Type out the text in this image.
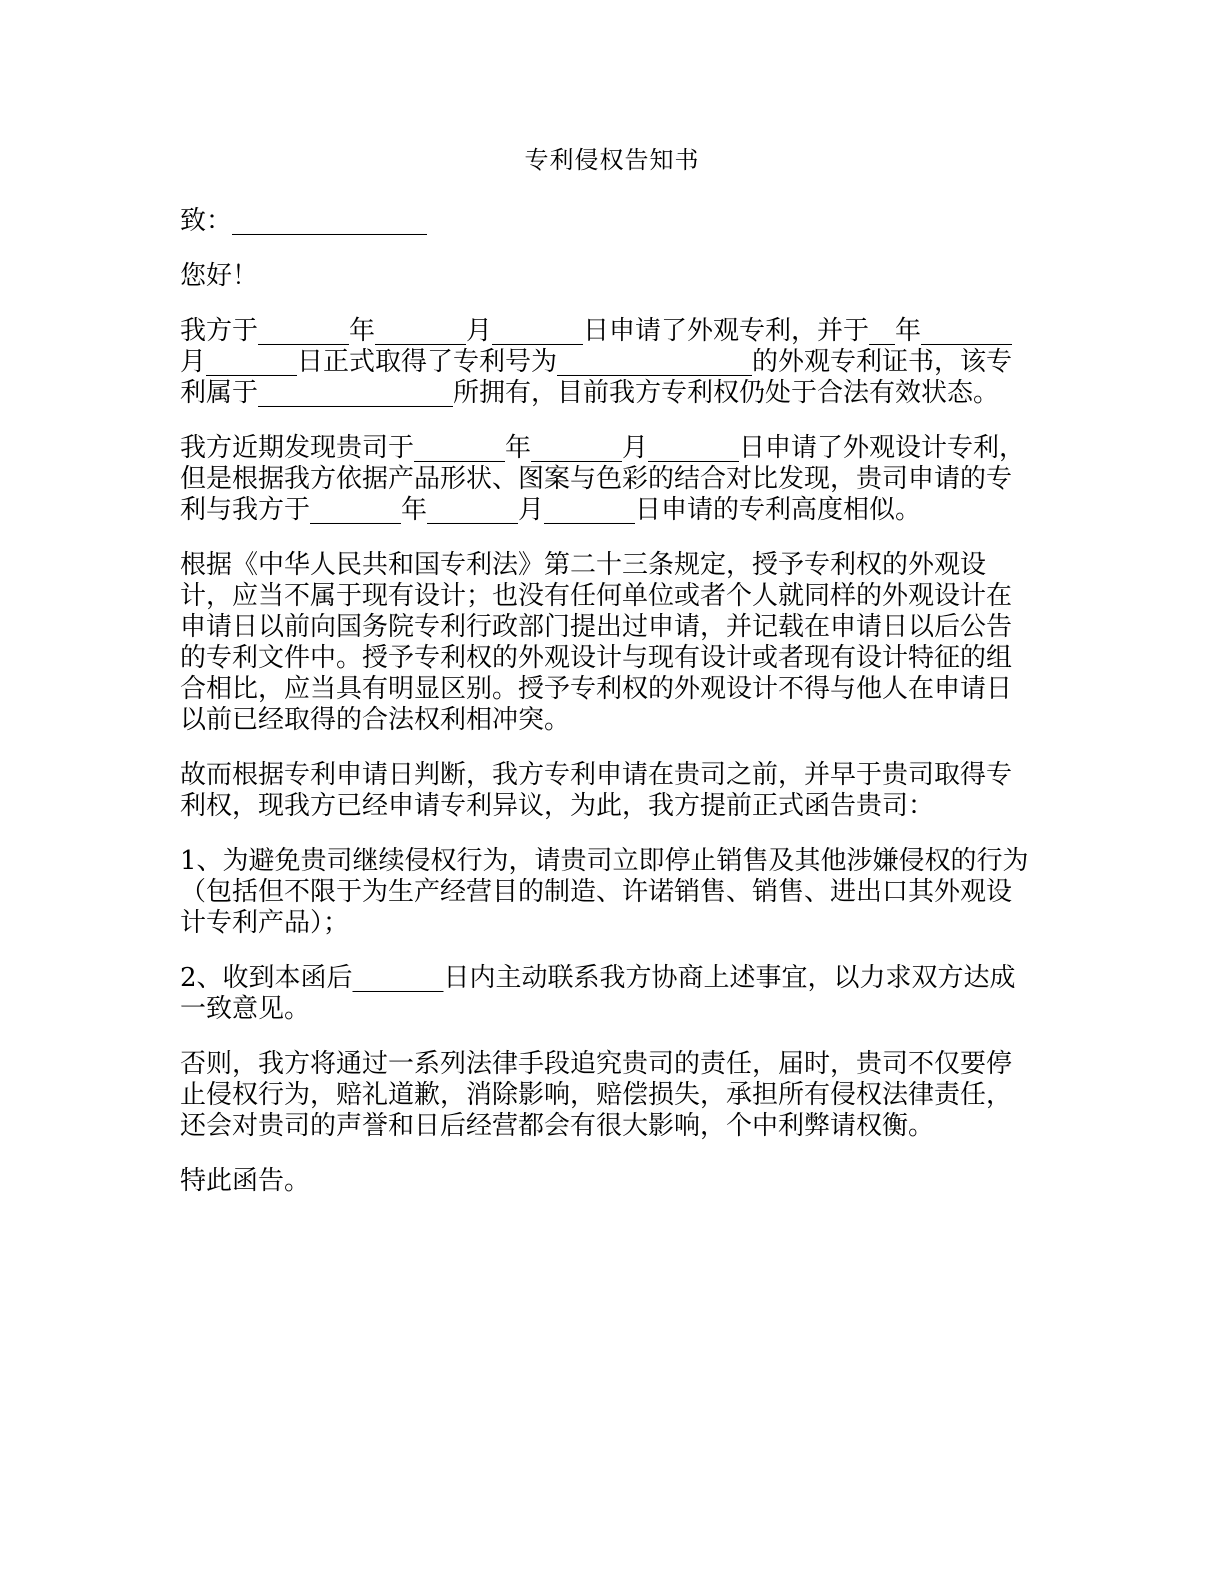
专利侵权告知书

致：_______________

您好！

我方于_______年_______月_______日申请了外观专利，并于__年_______月_______日正式取得了专利号为_______________的外观专利证书，该专利属于_______________所拥有，目前我方专利权仍处于合法有效状态。

我方近期发现贵司于_______年_______月_______日申请了外观设计专利，但是根据我方依据产品形状、图案与色彩的结合对比发现，贵司申请的专利与我方于_______年_______月_______日申请的专利高度相似。

根据《中华人民共和国专利法》第二十三条规定，授予专利权的外观设计，应当不属于现有设计；也没有任何单位或者个人就同样的外观设计在申请日以前向国务院专利行政部门提出过申请，并记载在申请日以后公告的专利文件中。授予专利权的外观设计与现有设计或者现有设计特征的组合相比，应当具有明显区别。授予专利权的外观设计不得与他人在申请日以前已经取得的合法权利相冲突。

故而根据专利申请日判断，我方专利申请在贵司之前，并早于贵司取得专利权，现我方已经申请专利异议，为此，我方提前正式函告贵司：

1、为避免贵司继续侵权行为，请贵司立即停止销售及其他涉嫌侵权的行为（包括但不限于为生产经营目的制造、许诺销售、销售、进出口其外观设计专利产品）；

2、收到本函后_______日内主动联系我方协商上述事宜，以力求双方达成一致意见。

否则，我方将通过一系列法律手段追究贵司的责任，届时，贵司不仅要停止侵权行为，赔礼道歉，消除影响，赔偿损失，承担所有侵权法律责任，还会对贵司的声誉和日后经营都会有很大影响，个中利弊请权衡。

特此函告。
